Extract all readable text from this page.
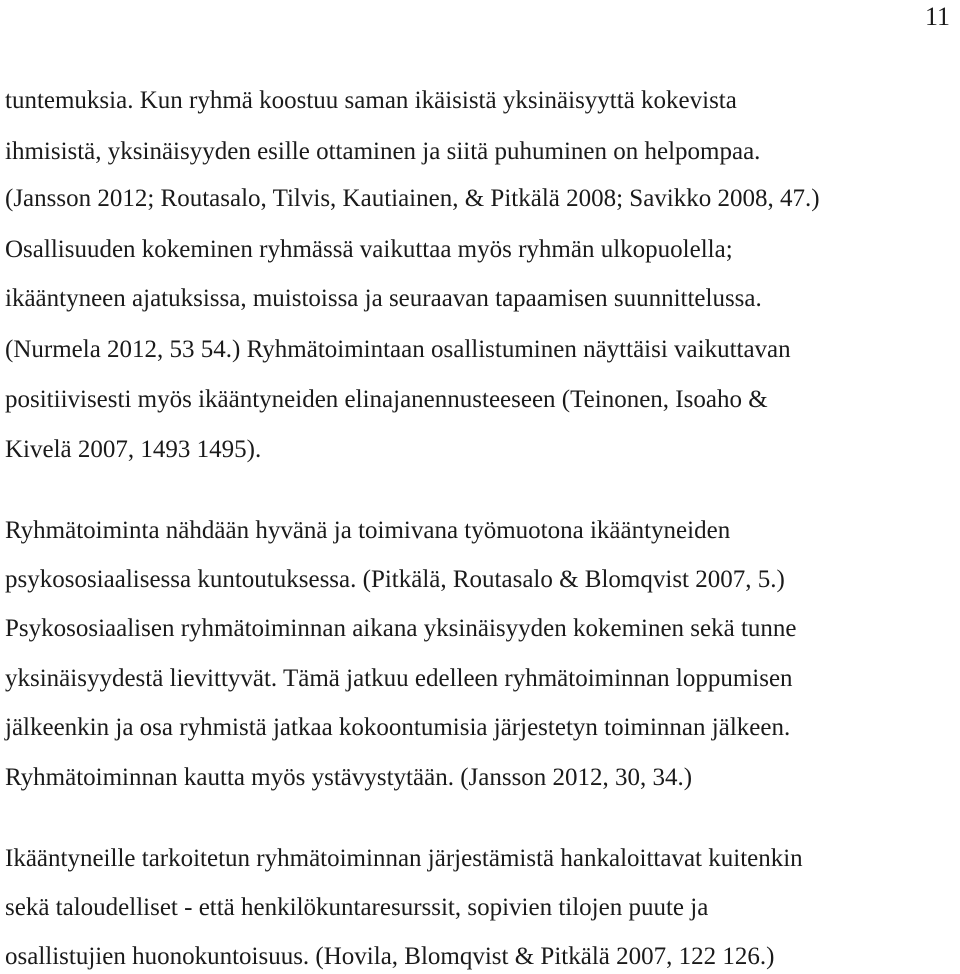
11
tuntemuksia. Kun ryhmä koostuu saman ikäisistä yksinäisyyttä kokevista
ihmisistä, yksinäisyyden esille ottaminen ja siitä puhuminen on helpompaa.
(Jansson 2012; Routasalo, Tilvis, Kautiainen, & Pitkälä 2008; Savikko 2008, 47.)
Osallisuuden kokeminen ryhmässä vaikuttaa myös ryhmän ulkopuolella;
ikääntyneen ajatuksissa, muistoissa ja seuraavan tapaamisen suunnittelussa.
(Nurmela 2012, 53 54.) Ryhmätoimintaan osallistuminen näyttäisi vaikuttavan
positiivisesti myös ikääntyneiden elinajanennusteeseen (Teinonen, Isoaho &
Kivelä 2007, 1493 1495).
Ryhmätoiminta nähdään hyvänä ja toimivana työmuotona ikääntyneiden
psykososiaalisessa kuntoutuksessa. (Pitkälä, Routasalo & Blomqvist 2007, 5.)
Psykososiaalisen ryhmätoiminnan aikana yksinäisyyden kokeminen sekä tunne
yksinäisyydestä lievittyvät. Tämä jatkuu edelleen ryhmätoiminnan loppumisen
jälkeenkin ja osa ryhmistä jatkaa kokoontumisia järjestetyn toiminnan jälkeen.
Ryhmätoiminnan kautta myös ystävystytään. (Jansson 2012, 30, 34.)
Ikääntyneille tarkoitetun ryhmätoiminnan järjestämistä hankaloittavat kuitenkin
sekä taloudelliset - että henkilökuntaresurssit, sopivien tilojen puute ja
osallistujien huonokuntoisuus. (Hovila, Blomqvist & Pitkälä 2007, 122 126.)
